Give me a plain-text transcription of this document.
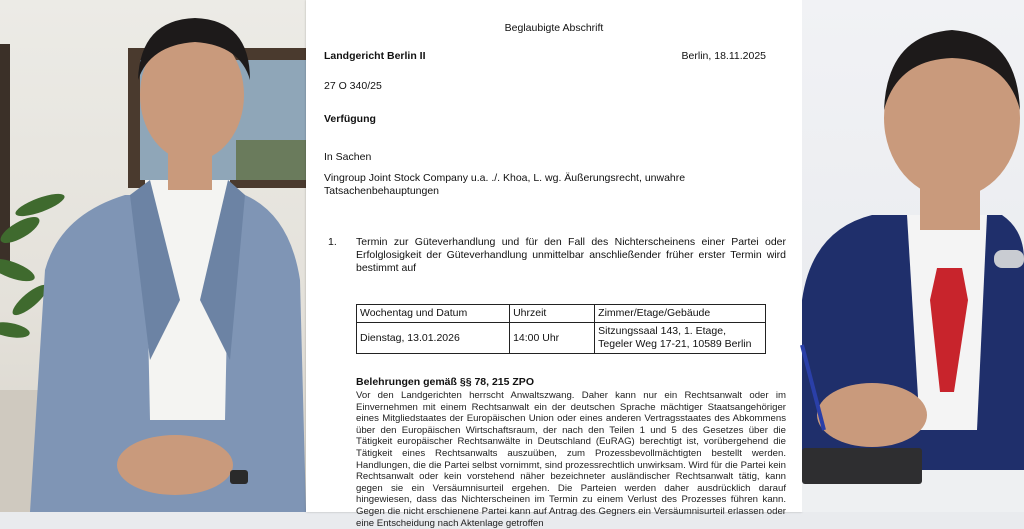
Beglaubigte Abschrift
Landgericht Berlin II	Berlin, 18.11.2025
27 O 340/25
Verfügung
In Sachen
Vingroup Joint Stock Company u.a. ./. Khoa, L. wg. Äußerungsrecht, unwahre
Tatsachenbehauptungen
1. Termin zur Güteverhandlung und für den Fall des Nichterscheinens einer Partei oder Erfolglosigkeit der Güteverhandlung unmittelbar anschließender früher erster Termin wird bestimmt auf
Wochentag und Datum	Uhrzeit	Zimmer/Etage/Gebäude
Dienstag, 13.01.2026	14:00 Uhr	Sitzungssaal 143, 1. Etage,
Tegeler Weg 17-21, 10589 Berlin
Belehrungen gemäß §§ 78, 215 ZPO
Vor den Landgerichten herrscht Anwaltszwang. Daher kann nur ein Rechtsanwalt oder im Einvernehmen mit einem Rechtsanwalt ein der deutschen Sprache mächtiger Staatsangehöriger eines Mitgliedstaates der Europäischen Union oder eines anderen Vertragsstaates des Abkommens über den Europäischen Wirtschaftsraum, der nach den Teilen 1 und 5 des Gesetzes über die Tätigkeit europäischer Rechtsanwälte in Deutschland (EuRAG) berechtigt ist, vorübergehend die Tätigkeit eines Rechtsanwalts auszuüben, zum Prozessbevollmächtigten bestellt werden. Handlungen, die die Partei selbst vornimmt, sind prozessrechtlich unwirksam. Wird für die Partei kein Rechtsanwalt oder kein vorstehend näher bezeichneter ausländischer Rechtsanwalt tätig, kann gegen sie ein Versäumnisurteil ergehen. Die Parteien werden daher ausdrücklich darauf hingewiesen, dass das Nichterscheinen im Termin zu einem Verlust des Prozesses führen kann. Gegen die nicht erschienene Partei kann auf Antrag des Gegners ein Versäumnisurteil erlassen oder eine Entscheidung nach Aktenlage getroffen
